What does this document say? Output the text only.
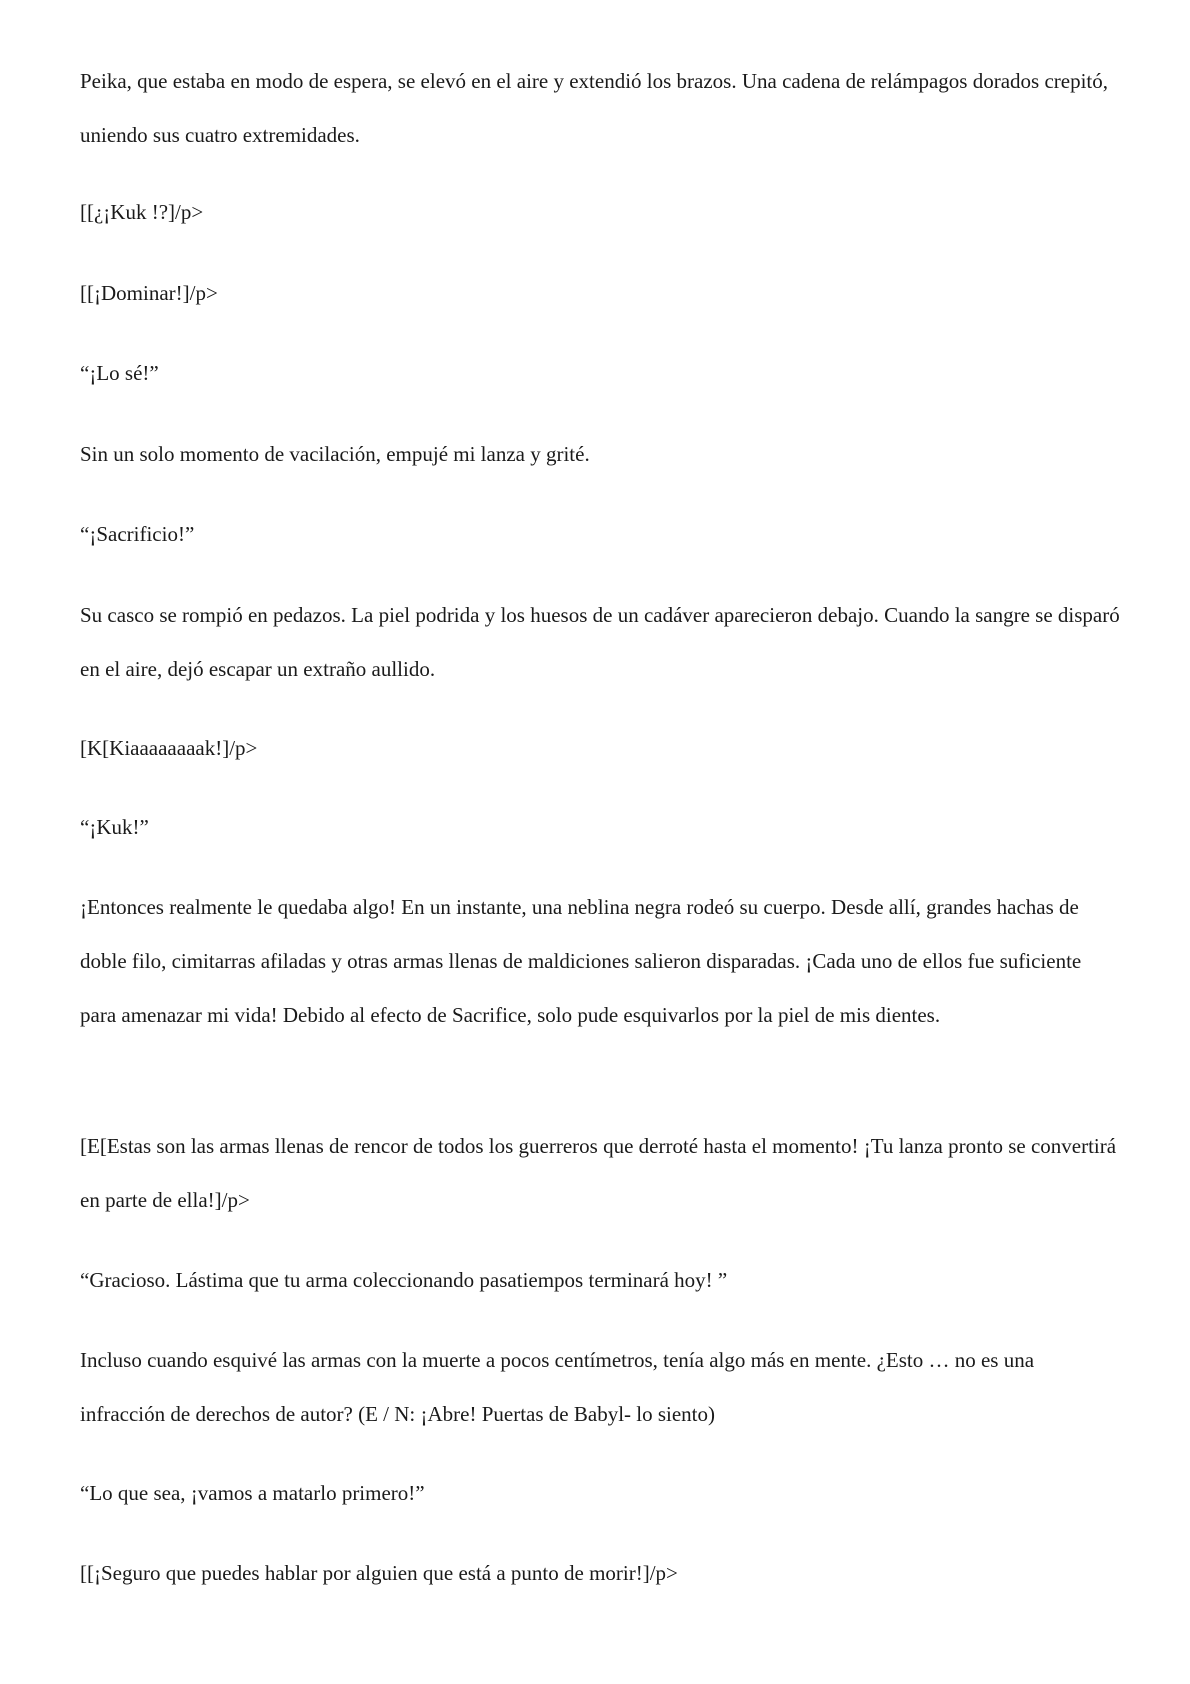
Peika, que estaba en modo de espera, se elevó en el aire y extendió los brazos. Una cadena de relámpagos dorados crepitó, uniendo sus cuatro extremidades.

[[¿¡Kuk !?]/p>

[[¡Dominar!]/p>

“¡Lo sé!”

Sin un solo momento de vacilación, empujé mi lanza y grité.

“¡Sacrificio!”

Su casco se rompió en pedazos. La piel podrida y los huesos de un cadáver aparecieron debajo. Cuando la sangre se disparó en el aire, dejó escapar un extraño aullido.

[K[Kiaaaaaaaak!]/p>

“¡Kuk!”

¡Entonces realmente le quedaba algo! En un instante, una neblina negra rodeó su cuerpo. Desde allí, grandes hachas de doble filo, cimitarras afiladas y otras armas llenas de maldiciones salieron disparadas. ¡Cada uno de ellos fue suficiente para amenazar mi vida! Debido al efecto de Sacrifice, solo pude esquivarlos por la piel de mis dientes.

[E[Estas son las armas llenas de rencor de todos los guerreros que derroté hasta el momento! ¡Tu lanza pronto se convertirá en parte de ella!]/p>

“Gracioso. Lástima que tu arma coleccionando pasatiempos terminará hoy! ”

Incluso cuando esquivé las armas con la muerte a pocos centímetros, tenía algo más en mente. ¿Esto … no es una infracción de derechos de autor? (E / N: ¡Abre! Puertas de Babyl- lo siento)

“Lo que sea, ¡vamos a matarlo primero!”

[[¡Seguro que puedes hablar por alguien que está a punto de morir!]/p>
